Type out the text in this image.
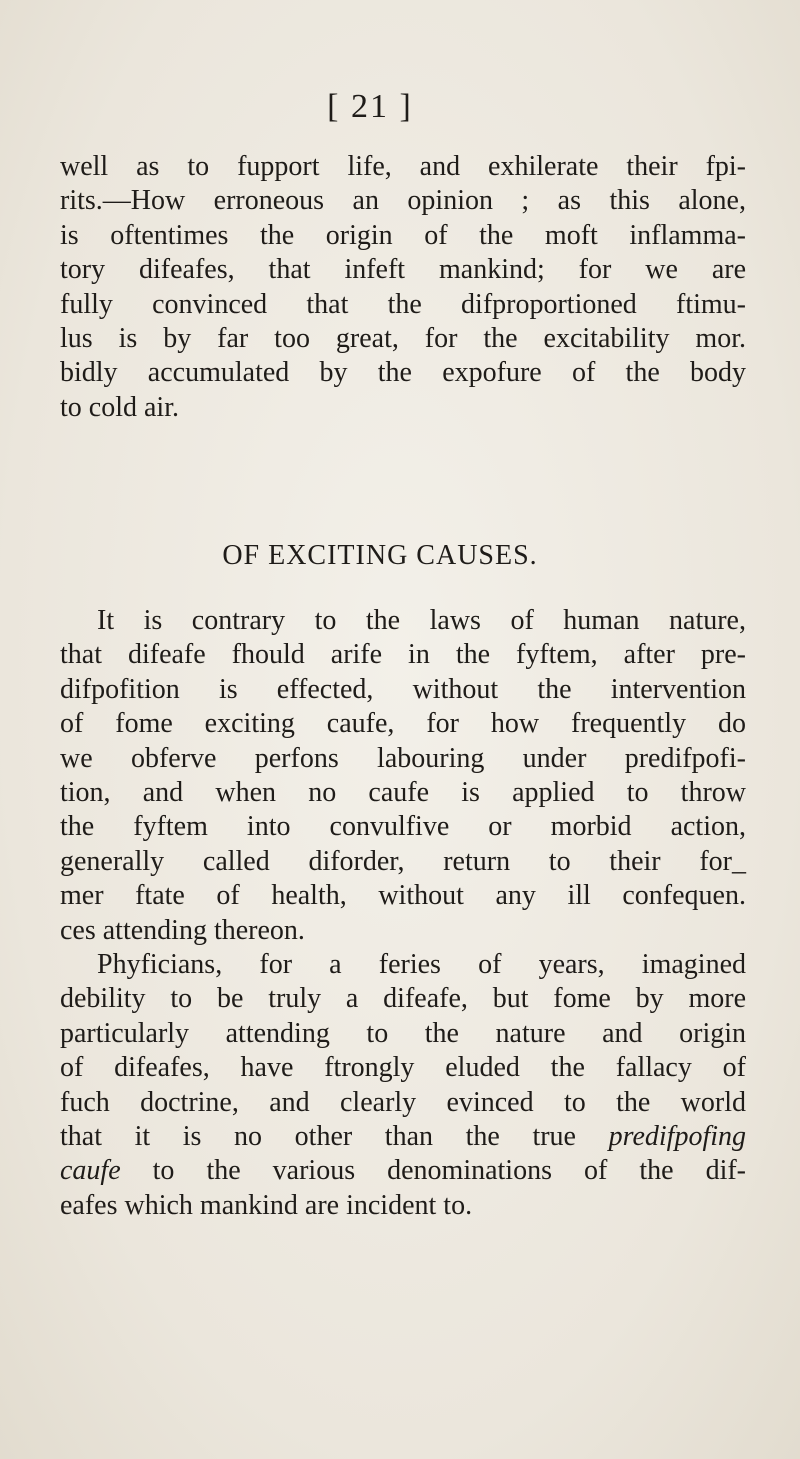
[ 21 ]
well as to fupport life, and exhilerate their fpi-
rits.—How erroneous an opinion ; as this alone,
is oftentimes the origin of the moft inflamma-
tory difeafes, that infeft mankind; for we are
fully convinced that the difproportioned ftimu-
lus is by far too great, for the excitability mor.
bidly accumulated by the expofure of the body
to cold air.
OF EXCITING CAUSES.
It is contrary to the laws of human nature,
that difeafe fhould arife in the fyftem, after pre-
difpofition is effected, without the intervention
of fome exciting caufe, for how frequently do
we obferve perfons labouring under predifpofi-
tion, and when no caufe is applied to throw
the fyftem into convulfive or morbid action,
generally called diforder, return to their for_
mer ftate of health, without any ill confequen.
ces attending thereon.
Phyficians, for a feries of years, imagined
debility to be truly a difeafe, but fome by more
particularly attending to the nature and origin
of difeafes, have ftrongly eluded the fallacy of
fuch doctrine, and clearly evinced to the world
that it is no other than the true predifpofing
caufe to the various denominations of the dif-
eafes which mankind are incident to.
